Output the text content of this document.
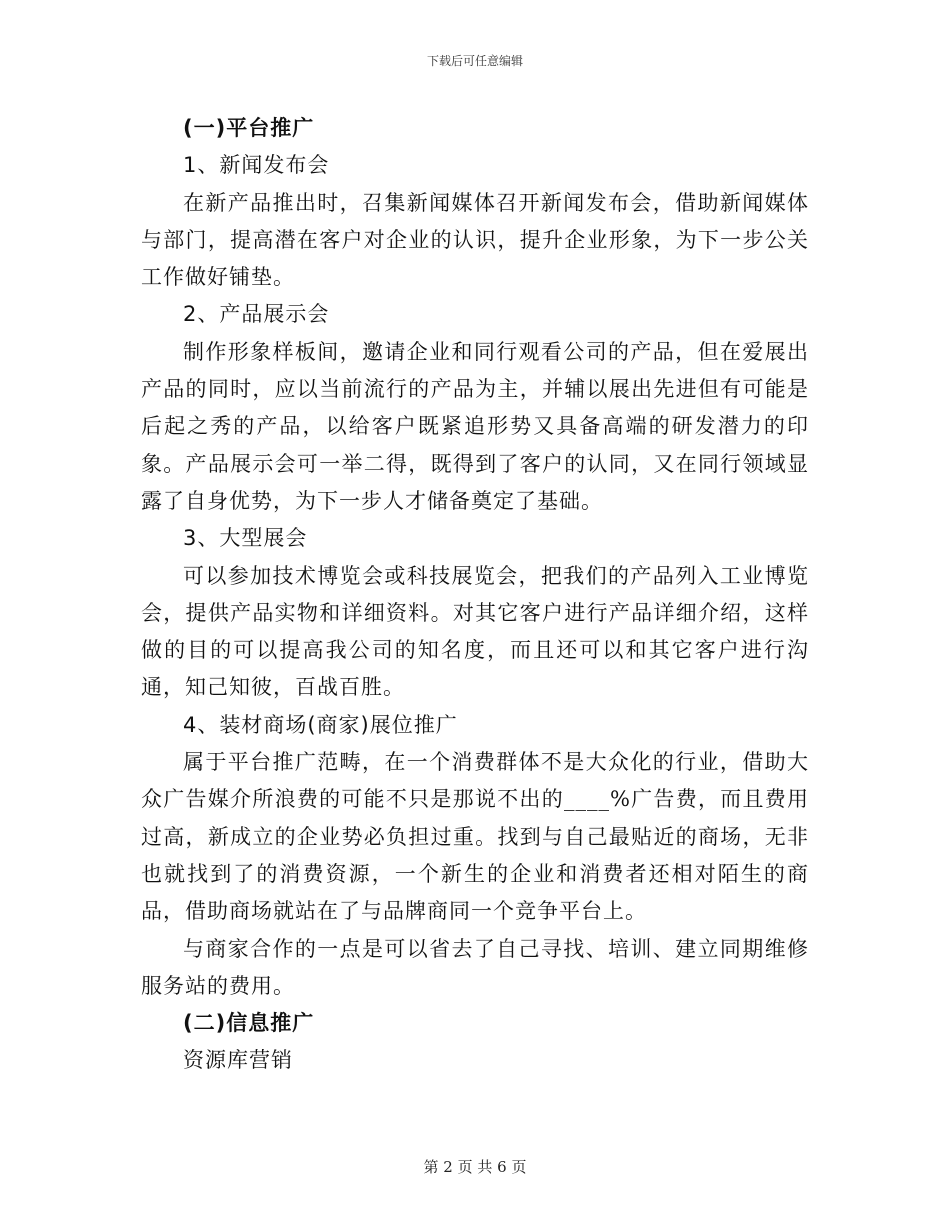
下载后可任意编辑

(一)平台推广

1、新闻发布会

在新产品推出时，召集新闻媒体召开新闻发布会，借助新闻媒体与部门，提高潜在客户对企业的认识，提升企业形象，为下一步公关工作做好铺垫。

2、产品展示会

制作形象样板间，邀请企业和同行观看公司的产品，但在爱展出产品的同时，应以当前流行的产品为主，并辅以展出先进但有可能是后起之秀的产品，以给客户既紧追形势又具备高端的研发潜力的印象。产品展示会可一举二得，既得到了客户的认同，又在同行领域显露了自身优势，为下一步人才储备奠定了基础。

3、大型展会

可以参加技术博览会或科技展览会，把我们的产品列入工业博览会，提供产品实物和详细资料。对其它客户进行产品详细介绍，这样做的目的可以提高我公司的知名度，而且还可以和其它客户进行沟通，知己知彼，百战百胜。

4、装材商场(商家)展位推广

属于平台推广范畴，在一个消费群体不是大众化的行业，借助大众广告媒介所浪费的可能不只是那说不出的____%广告费，而且费用过高，新成立的企业势必负担过重。找到与自己最贴近的商场，无非也就找到了的消费资源，一个新生的企业和消费者还相对陌生的商品，借助商场就站在了与品牌商同一个竞争平台上。

与商家合作的一点是可以省去了自己寻找、培训、建立同期维修服务站的费用。

(二)信息推广

资源库营销

第 2 页 共 6 页
